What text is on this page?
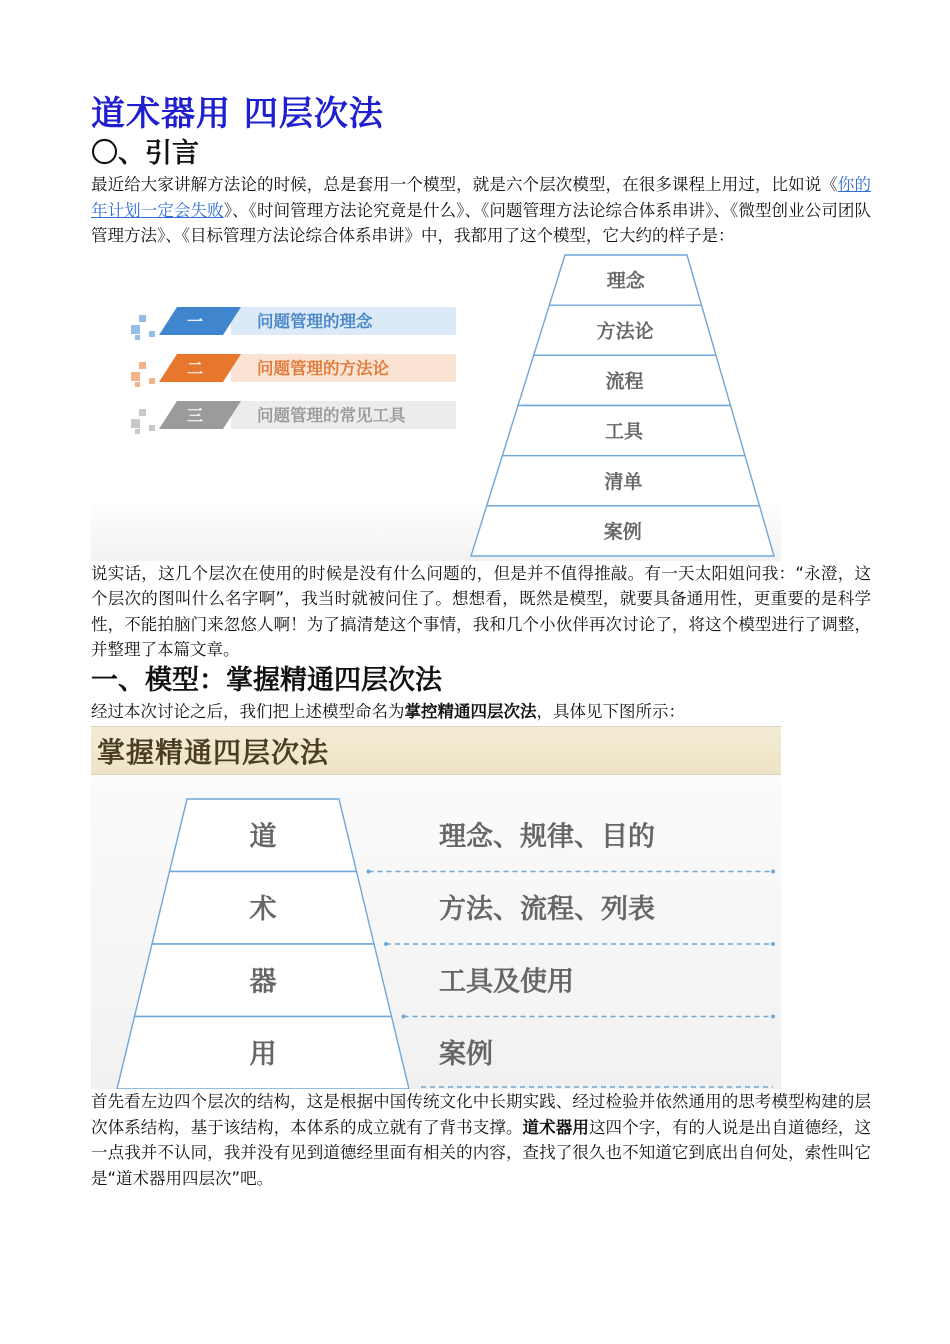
道术器用 四层次法
〇、引言

最近给大家讲解方法论的时候，总是套用一个模型，就是六个层次模型，在很多课程上用过，比如说《你的年计划一定会失败》、《时间管理方法论究竟是什么》、《问题管理方法论综合体系串讲》、《微型创业公司团队管理方法》、《目标管理方法论综合体系串讲》中，我都用了这个模型，它大约的样子是：

一	问题管理的理念
二	问题管理的方法论
三	问题管理的常见工具
理念
方法论
流程
工具
清单
案例

说实话，这几个层次在使用的时候是没有什么问题的，但是并不值得推敲。有一天太阳姐问我：“永澄，这个层次的图叫什么名字啊”，我当时就被问住了。想想看，既然是模型，就要具备通用性，更重要的是科学性，不能拍脑门来忽悠人啊！为了搞清楚这个事情，我和几个小伙伴再次讨论了，将这个模型进行了调整，并整理了本篇文章。

一、模型：掌握精通四层次法

经过本次讨论之后，我们把上述模型命名为掌控精通四层次法，具体见下图所示：

掌握精通四层次法
道	理念、规律、目的
术	方法、流程、列表
器	工具及使用
用	案例

首先看左边四个层次的结构，这是根据中国传统文化中长期实践、经过检验并依然通用的思考模型构建的层次体系结构，基于该结构，本体系的成立就有了背书支撑。道术器用这四个字，有的人说是出自道德经，这一点我并不认同，我并没有见到道德经里面有相关的内容，查找了很久也不知道它到底出自何处，索性叫它是“道术器用四层次”吧。
